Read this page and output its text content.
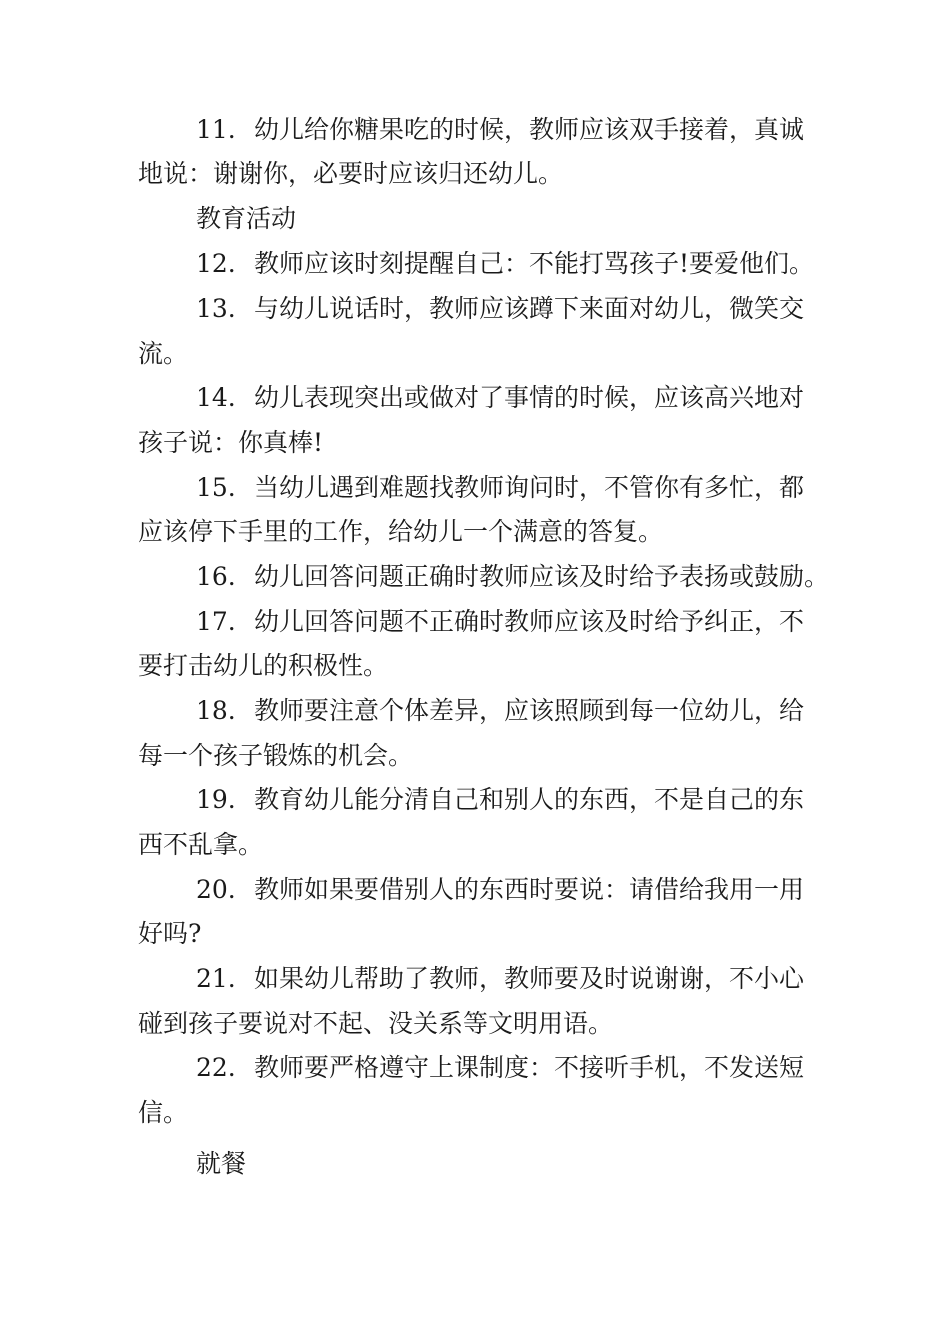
11. 幼儿给你糖果吃的时候，教师应该双手接着，真诚
地说：谢谢你，必要时应该归还幼儿。
教育活动
12. 教师应该时刻提醒自己：不能打骂孩子!要爱他们。
13. 与幼儿说话时，教师应该蹲下来面对幼儿，微笑交
流。
14. 幼儿表现突出或做对了事情的时候，应该高兴地对
孩子说：你真棒!
15. 当幼儿遇到难题找教师询问时，不管你有多忙，都
应该停下手里的工作，给幼儿一个满意的答复。
16. 幼儿回答问题正确时教师应该及时给予表扬或鼓励。
17. 幼儿回答问题不正确时教师应该及时给予纠正，不
要打击幼儿的积极性。
18. 教师要注意个体差异，应该照顾到每一位幼儿，给
每一个孩子锻炼的机会。
19. 教育幼儿能分清自己和别人的东西，不是自己的东
西不乱拿。
20. 教师如果要借别人的东西时要说：请借给我用一用
好吗?
21. 如果幼儿帮助了教师，教师要及时说谢谢，不小心
碰到孩子要说对不起、没关系等文明用语。
22. 教师要严格遵守上课制度：不接听手机，不发送短
信。
就餐
